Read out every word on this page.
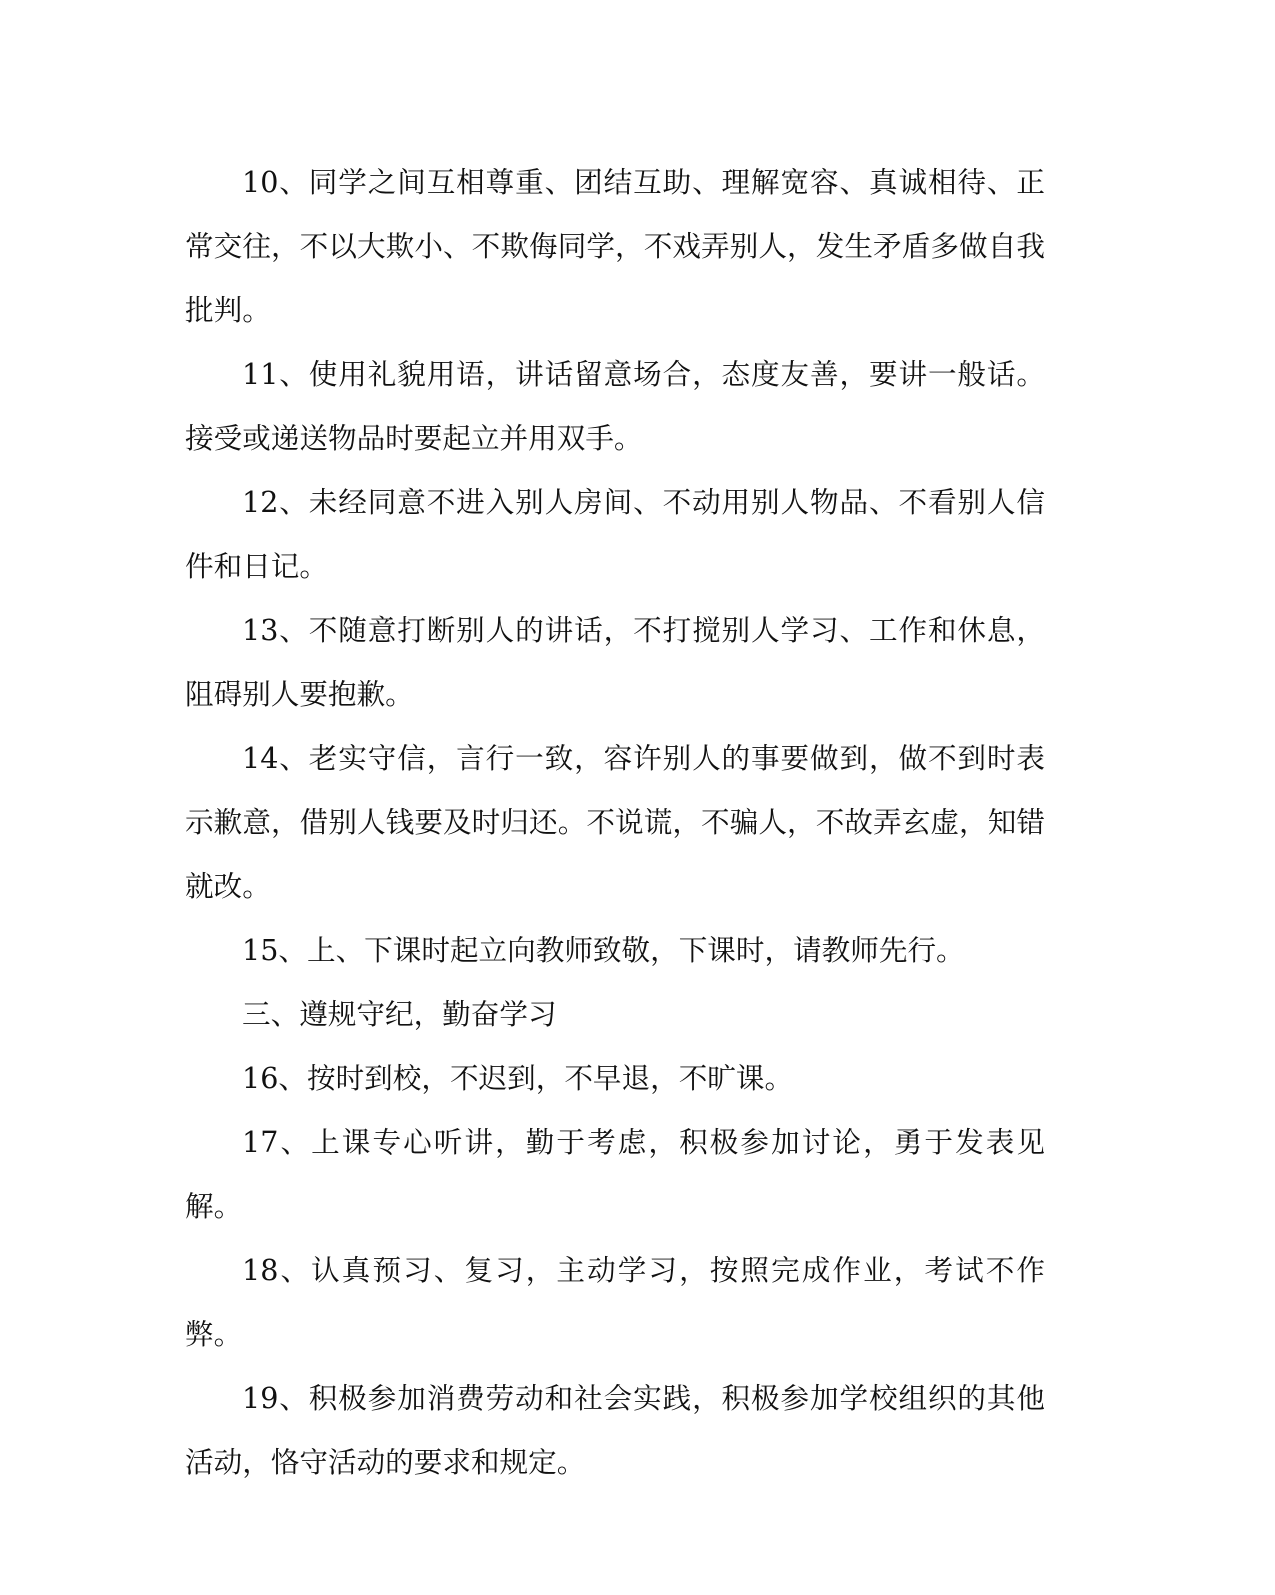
10、同学之间互相尊重、团结互助、理解宽容、真诚相待、正常交往，不以大欺小、不欺侮同学，不戏弄别人，发生矛盾多做自我批判。

11、使用礼貌用语，讲话留意场合，态度友善，要讲一般话。接受或递送物品时要起立并用双手。

12、未经同意不进入别人房间、不动用别人物品、不看别人信件和日记。

13、不随意打断别人的讲话，不打搅别人学习、工作和休息，阻碍别人要抱歉。

14、老实守信，言行一致，容许别人的事要做到，做不到时表示歉意，借别人钱要及时归还。不说谎，不骗人，不故弄玄虚，知错就改。

15、上、下课时起立向教师致敬，下课时，请教师先行。

三、遵规守纪，勤奋学习

16、按时到校，不迟到，不早退，不旷课。

17、上课专心听讲，勤于考虑，积极参加讨论，勇于发表见解。

18、认真预习、复习，主动学习，按照完成作业，考试不作弊。

19、积极参加消费劳动和社会实践，积极参加学校组织的其他活动，恪守活动的要求和规定。
